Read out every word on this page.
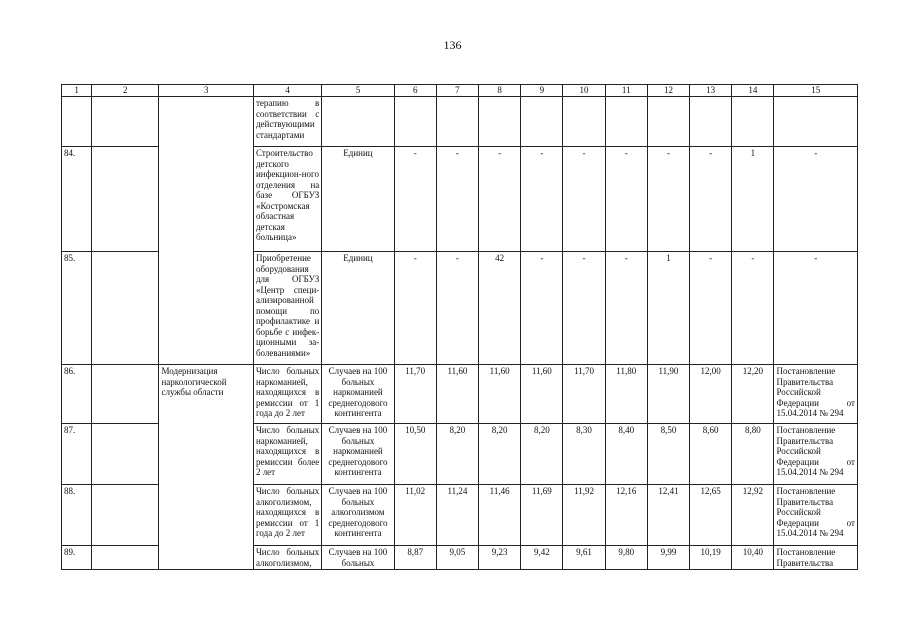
136
1	2	3	4	5	6	7	8	9	10	11	12	13	14	15
			терапию в соответствии с действующими стандартами											
84.			Строительство детского инфекцион-ного отделения на базе ОГБУЗ «Костромская областная детская больница»	Единиц	-	-	-	-	-	-	-	-	1	-
85.			Приобретение оборудования для ОГБУЗ «Центр специ-ализированной помощи по профилактике и борьбе с инфек-ционными за-болеваниями»	Единиц	-	-	42	-	-	-	1	-	-	-
86.		Модернизация наркологической службы области	Число больных наркоманией, находящихся в ремиссии от 1 года до 2 лет	Случаев на 100 больных наркоманией среднегодового контингента	11,70	11,60	11,60	11,60	11,70	11,80	11,90	12,00	12,20	Постановление Правительства Российской Федерации от 15.04.2014 № 294
87.			Число больных наркоманией, находящихся в ремиссии более 2 лет	Случаев на 100 больных наркоманией среднегодового контингента	10,50	8,20	8,20	8,20	8,30	8,40	8,50	8,60	8,80	Постановление Правительства Российской Федерации от 15.04.2014 № 294
88.			Число больных алкоголизмом, находящихся в ремиссии от 1 года до 2 лет	Случаев на 100 больных алкоголизмом среднегодового контингента	11,02	11,24	11,46	11,69	11,92	12,16	12,41	12,65	12,92	Постановление Правительства Российской Федерации от 15.04.2014 № 294
89.			Число больных алкоголизмом,	Случаев на 100 больных	8,87	9,05	9,23	9,42	9,61	9,80	9,99	10,19	10,40	Постановление Правительства
